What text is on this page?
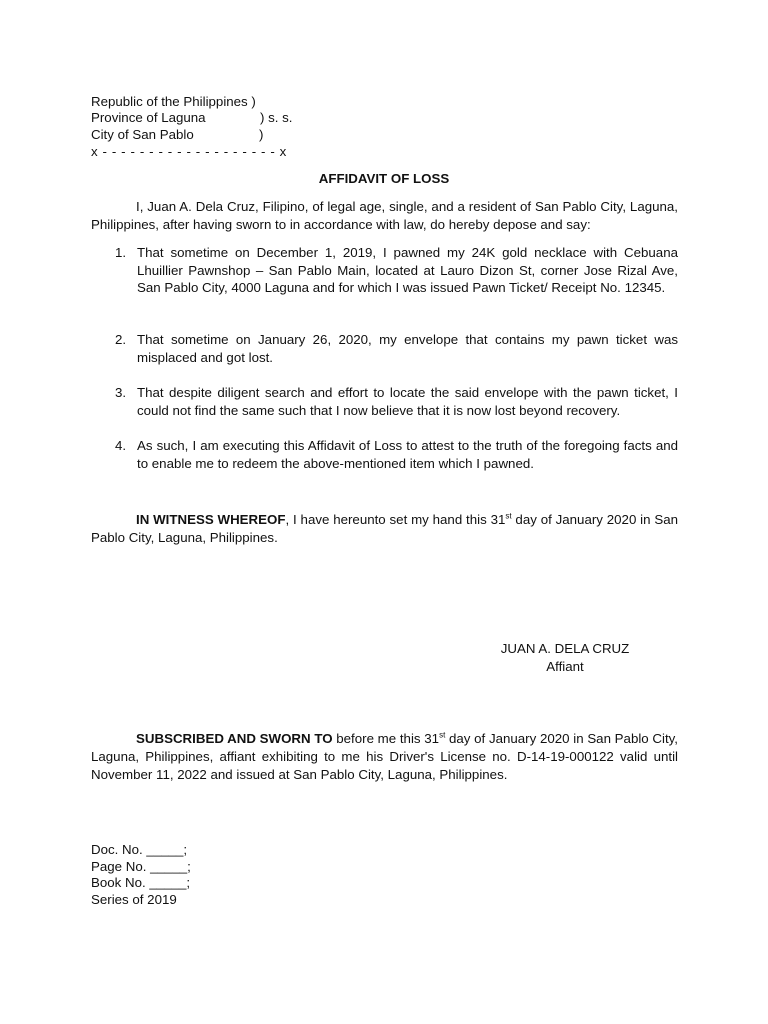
Republic of the Philippines )
Province of Laguna	) s. s.
City of San Pablo	)
x - - - - - - - - - - - - - - - - - - - x
AFFIDAVIT OF LOSS
I, Juan A. Dela Cruz, Filipino, of legal age, single, and a resident of San Pablo City, Laguna, Philippines, after having sworn to in accordance with law, do hereby depose and say:
1. That sometime on December 1, 2019, I pawned my 24K gold necklace with Cebuana Lhuillier Pawnshop – San Pablo Main, located at Lauro Dizon St, corner Jose Rizal Ave, San Pablo City, 4000 Laguna and for which I was issued Pawn Ticket/ Receipt No. 12345.
2. That sometime on January 26, 2020, my envelope that contains my pawn ticket was misplaced and got lost.
3. That despite diligent search and effort to locate the said envelope with the pawn ticket, I could not find the same such that I now believe that it is now lost beyond recovery.
4. As such, I am executing this Affidavit of Loss to attest to the truth of the foregoing facts and to enable me to redeem the above-mentioned item which I pawned.
IN WITNESS WHEREOF, I have hereunto set my hand this 31st day of January 2020 in San Pablo City, Laguna, Philippines.
JUAN A. DELA CRUZ
Affiant
SUBSCRIBED AND SWORN TO before me this 31st day of January 2020 in San Pablo City, Laguna, Philippines, affiant exhibiting to me his Driver's License no. D-14-19-000122 valid until November 11, 2022 and issued at San Pablo City, Laguna, Philippines.
Doc. No. _____;
Page No. _____;
Book No. _____;
Series of 2019
